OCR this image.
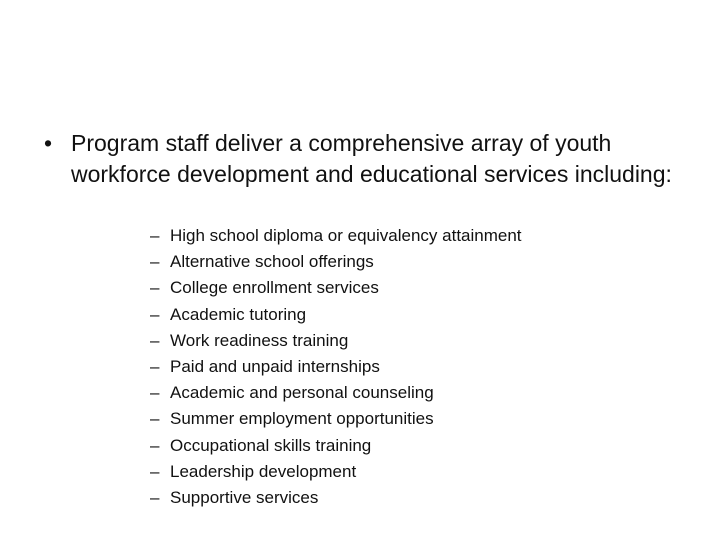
• Program staff deliver a comprehensive array of youth workforce development and educational services including:
– High school diploma or equivalency attainment
– Alternative school offerings
– College enrollment services
– Academic tutoring
– Work readiness training
– Paid and unpaid internships
– Academic and personal counseling
– Summer employment opportunities
– Occupational skills training
– Leadership development
– Supportive services
